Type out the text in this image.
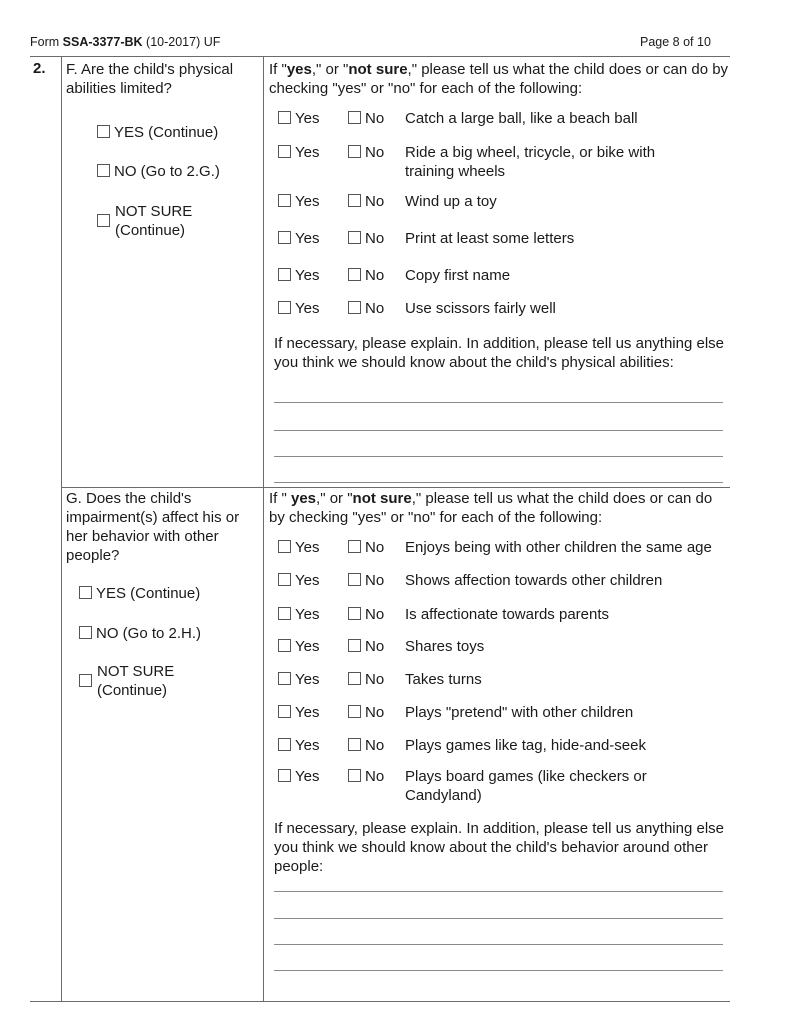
Form SSA-3377-BK (10-2017) UF	Page 8 of 10
2. F. Are the child's physical abilities limited?
YES (Continue)
NO (Go to 2.G.)
NOT SURE
(Continue)
If "yes," or "not sure," please tell us what the child does or can do by checking "yes" or "no" for each of the following:
Yes	No Catch a large ball, like a beach ball
Yes	No Ride a big wheel, tricycle, or bike with training wheels
Yes	No Wind up a toy
Yes	No Print at least some letters
Yes	No Copy first name
Yes	No Use scissors fairly well
If necessary, please explain. In addition, please tell us anything else you think we should know about the child's physical abilities:
G. Does the child's impairment(s) affect his or her behavior with other people?
YES (Continue)
NO (Go to 2.H.)
NOT SURE
(Continue)
If " yes," or "not sure," please tell us what the child does or can do by checking "yes" or "no" for each of the following:
Yes	No Enjoys being with other children the same age
Yes	No Shows affection towards other children
Yes	No Is affectionate towards parents
Yes	No Shares toys
Yes	No Takes turns
Yes	No Plays "pretend" with other children
Yes	No Plays games like tag, hide-and-seek
Yes	No Plays board games (like checkers or Candyland)
If necessary, please explain. In addition, please tell us anything else you think we should know about the child's behavior around other people:
